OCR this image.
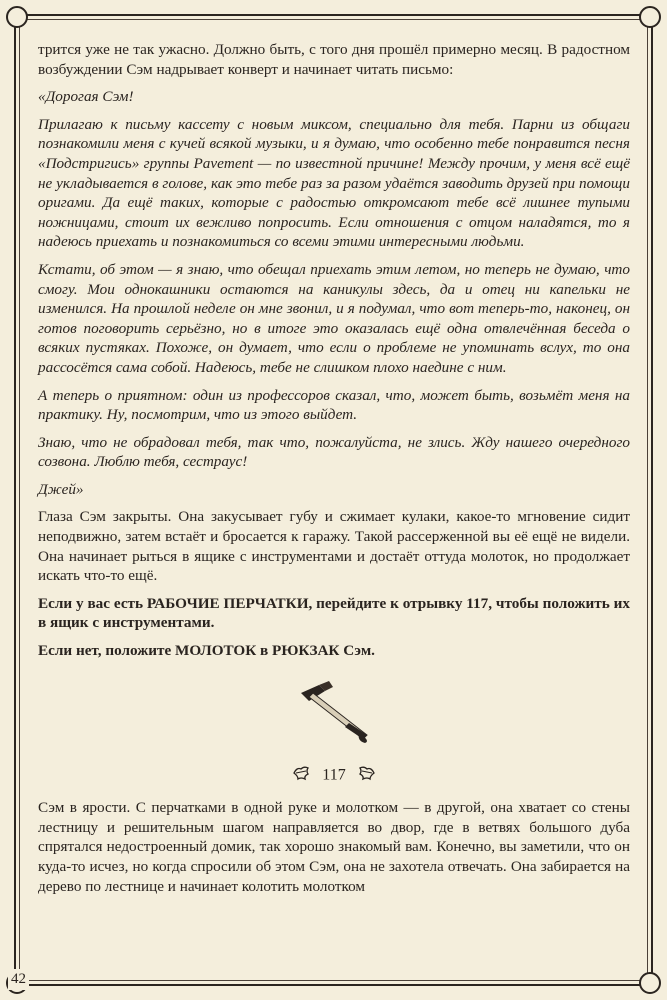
трится уже не так ужасно. Должно быть, с того дня прошёл примерно месяц. В радостном возбуждении Сэм надрывает конверт и начинает читать письмо:

«Дорогая Сэм!

Прилагаю к письму кассету с новым миксом, специально для тебя. Парни из общаги познакомили меня с кучей всякой музыки, и я думаю, что особенно тебе понравится песня «Подстригись» группы Pavement — по известной причине! Между прочим, у меня всё ещё не укладывается в голове, как это тебе раз за разом удаётся заводить друзей при помощи оригами. Да ещё таких, которые с радостью откромсают тебе всё лишнее тупыми ножницами, стоит их вежливо попросить. Если отношения с отцом наладятся, то я надеюсь приехать и познакомиться со всеми этими интересными людьми.

Кстати, об этом — я знаю, что обещал приехать этим летом, но теперь не думаю, что смогу. Мои однокашники остаются на каникулы здесь, да и отец ни капельки не изменился. На прошлой неделе он мне звонил, и я подумал, что вот теперь-то, наконец, он готов поговорить серьёзно, но в итоге это оказалась ещё одна отвлечённая беседа о всяких пустяках. Похоже, он думает, что если о проблеме не упоминать вслух, то она рассосётся сама собой. Надеюсь, тебе не слишком плохо наедине с ним.

А теперь о приятном: один из профессоров сказал, что, может быть, возьмёт меня на практику. Ну, посмотрим, что из этого выйдет.

Знаю, что не обрадовал тебя, так что, пожалуйста, не злись. Жду нашего очередного созвона. Люблю тебя, сестраус!

Джей»

Глаза Сэм закрыты. Она закусывает губу и сжимает кулаки, какое-то мгновение сидит неподвижно, затем встаёт и бросается к гаражу. Такой рассерженной вы её ещё не видели. Она начинает рыться в ящике с инструментами и достаёт оттуда молоток, но продолжает искать что-то ещё.

Если у вас есть РАБОЧИЕ ПЕРЧАТКИ, перейдите к отрывку 117, чтобы положить их в ящик с инструментами.

Если нет, положите МОЛОТОК в РЮКЗАК Сэм.

117

Сэм в ярости. С перчатками в одной руке и молотком — в другой, она хватает со стены лестницу и решительным шагом направляется во двор, где в ветвях большого дуба спрятался недостроенный домик, так хорошо знакомый вам. Конечно, вы заметили, что он куда-то исчез, но когда спросили об этом Сэм, она не захотела отвечать. Она забирается на дерево по лестнице и начинает колотить молотком

42
